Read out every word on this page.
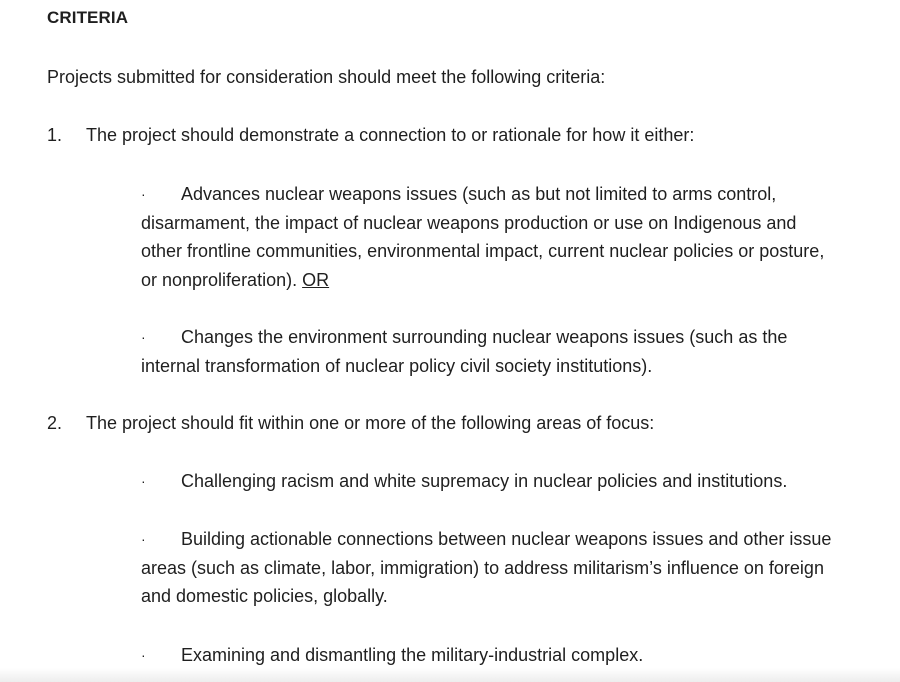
CRITERIA

Projects submitted for consideration should meet the following criteria:

1. The project should demonstrate a connection to or rationale for how it either:

· Advances nuclear weapons issues (such as but not limited to arms control, disarmament, the impact of nuclear weapons production or use on Indigenous and other frontline communities, environmental impact, current nuclear policies or posture, or nonproliferation). OR

· Changes the environment surrounding nuclear weapons issues (such as the internal transformation of nuclear policy civil society institutions).

2. The project should fit within one or more of the following areas of focus:

· Challenging racism and white supremacy in nuclear policies and institutions.

· Building actionable connections between nuclear weapons issues and other issue areas (such as climate, labor, immigration) to address militarism’s influence on foreign and domestic policies, globally.

· Examining and dismantling the military-industrial complex.
